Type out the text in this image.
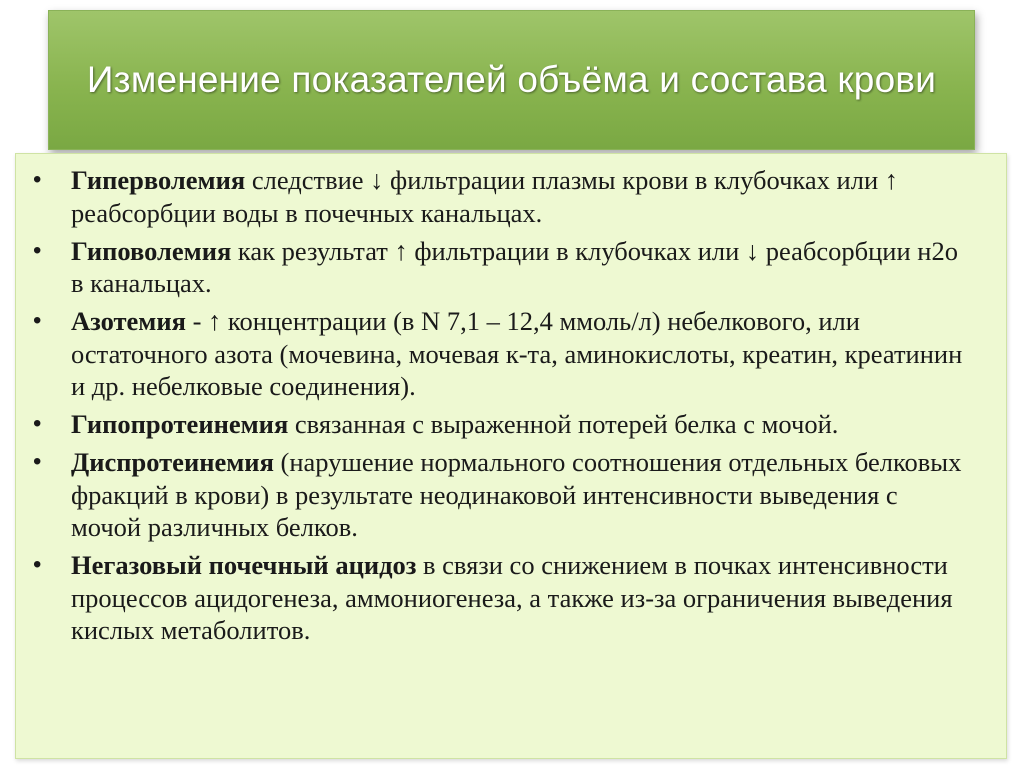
Изменение показателей объёма и состава крови
• Гиперволемия следствие ↓ фильтрации плазмы крови в клубочках или ↑ реабсорбции воды в почечных канальцах.
• Гиповолемия как результат ↑ фильтрации в клубочках или ↓ реабсорбции н2о в канальцах.
• Азотемия - ↑ концентрации (в N 7,1 – 12,4 ммоль/л) небелкового, или остаточного азота (мочевина, мочевая к-та, аминокислоты, креатин, креатинин и др. небелковые соединения).
• Гипопротеинемия связанная с выраженной потерей белка с мочой.
• Диспротеинемия (нарушение нормального соотношения отдельных белковых фракций в крови) в результате неодинаковой интенсивности выведения с мочой различных белков.
• Негазовый почечный ацидоз в связи со снижением в почках интенсивности процессов ацидогенеза, аммониогенеза, а также из-за ограничения выведения кислых метаболитов.
